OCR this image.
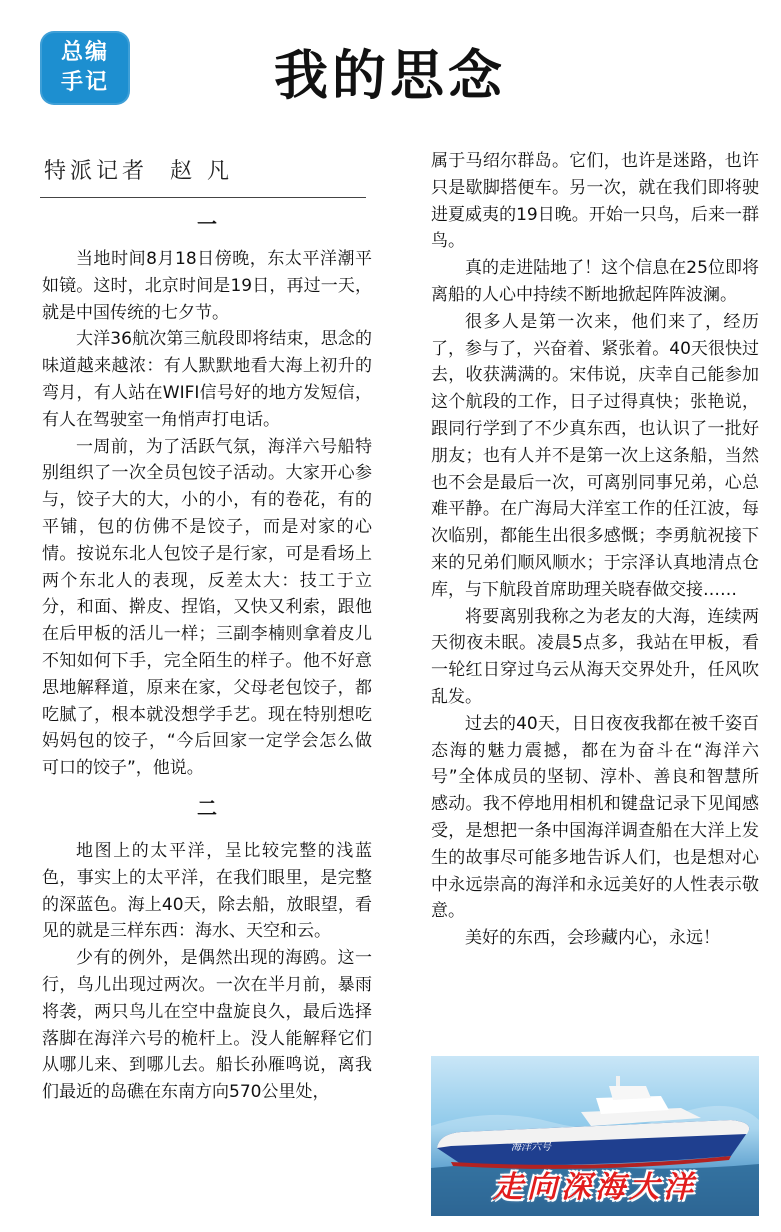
总编
手记	我的思念
特派记者  赵 凡
一

当地时间8月18日傍晚，东太平洋潮平如镜。这时，北京时间是19日，再过一天，就是中国传统的七夕节。

大洋36航次第三航段即将结束，思念的味道越来越浓：有人默默地看大海上初升的弯月，有人站在WIFI信号好的地方发短信，有人在驾驶室一角悄声打电话。

一周前，为了活跃气氛，海洋六号船特别组织了一次全员包饺子活动。大家开心参与，饺子大的大，小的小，有的卷花，有的平铺，包的仿佛不是饺子，而是对家的心情。按说东北人包饺子是行家，可是看场上两个东北人的表现，反差太大：技工于立分，和面、擀皮、捏馅，又快又利索，跟他在后甲板的活儿一样；三副李楠则拿着皮儿不知如何下手，完全陌生的样子。他不好意思地解释道，原来在家，父母老包饺子，都吃腻了，根本就没想学手艺。现在特别想吃妈妈包的饺子，“今后回家一定学会怎么做可口的饺子”，他说。

二

地图上的太平洋，呈比较完整的浅蓝色，事实上的太平洋，在我们眼里，是完整的深蓝色。海上40天，除去船，放眼望，看见的就是三样东西：海水、天空和云。

少有的例外，是偶然出现的海鸥。这一行，鸟儿出现过两次。一次在半月前，暴雨将袭，两只鸟儿在空中盘旋良久，最后选择落脚在海洋六号的桅杆上。没人能解释它们从哪儿来、到哪儿去。船长孙雁鸣说，离我们最近的岛礁在东南方向570公里处，

属于马绍尔群岛。它们，也许是迷路，也许只是歇脚搭便车。另一次，就在我们即将驶进夏威夷的19日晚。开始一只鸟，后来一群鸟。

真的走进陆地了！这个信息在25位即将离船的人心中持续不断地掀起阵阵波澜。

很多人是第一次来，他们来了，经历了，参与了，兴奋着、紧张着。40天很快过去，收获满满的。宋伟说，庆幸自己能参加这个航段的工作，日子过得真快；张艳说，跟同行学到了不少真东西，也认识了一批好朋友；也有人并不是第一次上这条船，当然也不会是最后一次，可离别同事兄弟，心总难平静。在广海局大洋室工作的任江波，每次临别，都能生出很多感慨；李勇航祝接下来的兄弟们顺风顺水；于宗泽认真地清点仓库，与下航段首席助理关晓春做交接……

将要离别我称之为老友的大海，连续两天彻夜未眠。凌晨5点多，我站在甲板，看一轮红日穿过乌云从海天交界处升，任风吹乱发。

过去的40天，日日夜夜我都在被千姿百态海的魅力震撼，都在为奋斗在“海洋六号”全体成员的坚韧、淳朴、善良和智慧所感动。我不停地用相机和键盘记录下见闻感受，是想把一条中国海洋调查船在大洋上发生的故事尽可能多地告诉人们，也是想对心中永远崇高的海洋和永远美好的人性表示敬意。

美好的东西，会珍藏内心，永远！

海洋六号
走向深海大洋
